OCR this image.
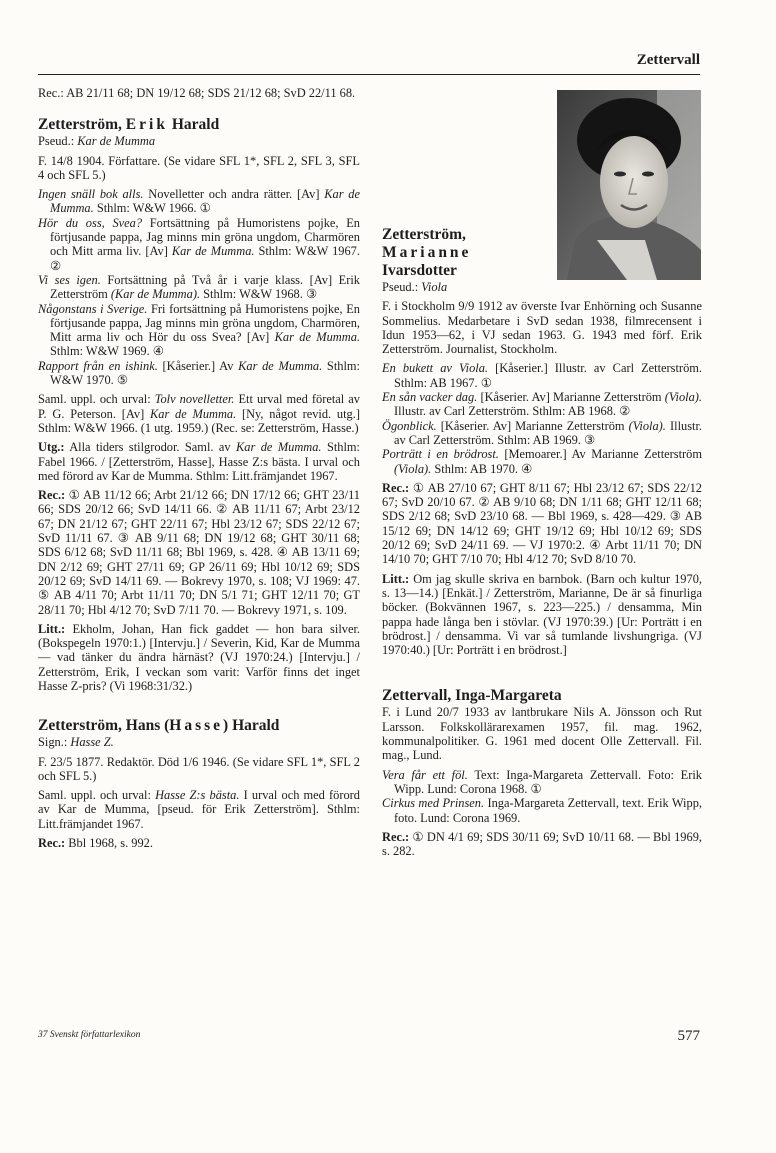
Zettervall

Rec.: AB 21/11 68; DN 19/12 68; SDS 21/12 68; SvD 22/11 68.

Zetterström, Erik Harald

Pseud.: Kar de Mumma

F. 14/8 1904. Författare. (Se vidare SFL 1*, SFL 2, SFL 3, SFL 4 och SFL 5.)

Ingen snäll bok alls. Novelletter och andra rätter. [Av] Kar de Mumma. Sthlm: W&W 1966. ①

Hör du oss, Svea? Fortsättning på Humoristens pojke, En förtjusande pappa, Jag minns min gröna ungdom, Charmören och Mitt arma liv. [Av] Kar de Mumma. Sthlm: W&W 1967. ②

Vi ses igen. Fortsättning på Två år i varje klass. [Av] Erik Zetterström (Kar de Mumma). Sthlm: W&W 1968. ③

Någonstans i Sverige. Fri fortsättning på Humoristens pojke, En förtjusande pappa, Jag minns min gröna ungdom, Charmören, Mitt arma liv och Hör du oss Svea? [Av] Kar de Mumma. Sthlm: W&W 1969. ④

Rapport från en ishink. [Kåserier.] Av Kar de Mumma. Sthlm: W&W 1970. ⑤

Saml. uppl. och urval: Tolv novelletter. Ett urval med företal av P. G. Peterson. [Av] Kar de Mumma. [Ny, något revid. utg.] Sthlm: W&W 1966. (1 utg. 1959.) (Rec. se: Zetterström, Hasse.)

Utg.: Alla tiders stilgrodor. Saml. av Kar de Mumma. Sthlm: Fabel 1966. / [Zetterström, Hasse], Hasse Z:s bästa. I urval och med förord av Kar de Mumma. Sthlm: Litt.främjandet 1967.

Rec.: ① AB 11/12 66; Arbt 21/12 66; DN 17/12 66; GHT 23/11 66; SDS 20/12 66; SvD 14/11 66. ② AB 11/11 67; Arbt 23/12 67; DN 21/12 67; GHT 22/11 67; Hbl 23/12 67; SDS 22/12 67; SvD 11/11 67. ③ AB 9/11 68; DN 19/12 68; GHT 30/11 68; SDS 6/12 68; SvD 11/11 68; Bbl 1969, s. 428. ④ AB 13/11 69; DN 2/12 69; GHT 27/11 69; GP 26/11 69; Hbl 10/12 69; SDS 20/12 69; SvD 14/11 69. — Bokrevy 1970, s. 108; VJ 1969: 47. ⑤ AB 4/11 70; Arbt 11/11 70; DN 5/1 71; GHT 12/11 70; GT 28/11 70; Hbl 4/12 70; SvD 7/11 70. — Bokrevy 1971, s. 109.

Litt.: Ekholm, Johan, Han fick gaddet — hon bara silver. (Bokspegeln 1970:1.) [Intervju.] / Severin, Kid, Kar de Mumma — vad tänker du ändra härnäst? (VJ 1970:24.) [Intervju.] / Zetterström, Erik, I veckan som varit: Varför finns det inget Hasse Z-pris? (Vi 1968:31/32.)

Zetterström, Hans (Hasse) Harald

Sign.: Hasse Z.

F. 23/5 1877. Redaktör. Död 1/6 1946. (Se vidare SFL 1*, SFL 2 och SFL 5.)

Saml. uppl. och urval: Hasse Z:s bästa. I urval och med förord av Kar de Mumma, [pseud. för Erik Zetterström]. Sthlm: Litt.främjandet 1967.

Rec.: Bbl 1968, s. 992.

Zetterström,

Marianne

Ivarsdotter

Pseud.: Viola

F. i Stockholm 9/9 1912 av överste Ivar Enhörning och Susanne Sommelius. Medarbetare i SvD sedan 1938, filmrecensent i Idun 1953—62, i VJ sedan 1963. G. 1943 med förf. Erik Zetterström. Journalist, Stockholm.

En bukett av Viola. [Kåserier.] Illustr. av Carl Zetterström. Sthlm: AB 1967. ①

En sån vacker dag. [Kåserier. Av] Marianne Zetterström (Viola). Illustr. av Carl Zetterström. Sthlm: AB 1968. ②

Ögonblick. [Kåserier. Av] Marianne Zetterström (Viola). Illustr. av Carl Zetterström. Sthlm: AB 1969. ③

Porträtt i en brödrost. [Memoarer.] Av Marianne Zetterström (Viola). Sthlm: AB 1970. ④

Rec.: ① AB 27/10 67; GHT 8/11 67; Hbl 23/12 67; SDS 22/12 67; SvD 20/10 67. ② AB 9/10 68; DN 1/11 68; GHT 12/11 68; SDS 2/12 68; SvD 23/10 68. — Bbl 1969, s. 428—429. ③ AB 15/12 69; DN 14/12 69; GHT 19/12 69; Hbl 10/12 69; SDS 20/12 69; SvD 24/11 69. — VJ 1970:2. ④ Arbt 11/11 70; DN 14/10 70; GHT 7/10 70; Hbl 4/12 70; SvD 8/10 70.

Litt.: Om jag skulle skriva en barnbok. (Barn och kultur 1970, s. 13—14.) [Enkät.] / Zetterström, Marianne, De är så finurliga böcker. (Bokvännen 1967, s. 223—225.) / densamma, Min pappa hade långa ben i stövlar. (VJ 1970:39.) [Ur: Porträtt i en brödrost.] / densamma. Vi var så tumlande livshungriga. (VJ 1970:40.) [Ur: Porträtt i en brödrost.]

Zettervall, Inga-Margareta

F. i Lund 20/7 1933 av lantbrukare Nils A. Jönsson och Rut Larsson. Folkskollärarexamen 1957, fil. mag. 1962, kommunalpolitiker. G. 1961 med docent Olle Zettervall. Fil. mag., Lund.

Vera får ett föl. Text: Inga-Margareta Zettervall. Foto: Erik Wipp. Lund: Corona 1968. ①

Cirkus med Prinsen. Inga-Margareta Zettervall, text. Erik Wipp, foto. Lund: Corona 1969.

Rec.: ① DN 4/1 69; SDS 30/11 69; SvD 10/11 68. — Bbl 1969, s. 282.

37 Svenskt författarlexikon	577
